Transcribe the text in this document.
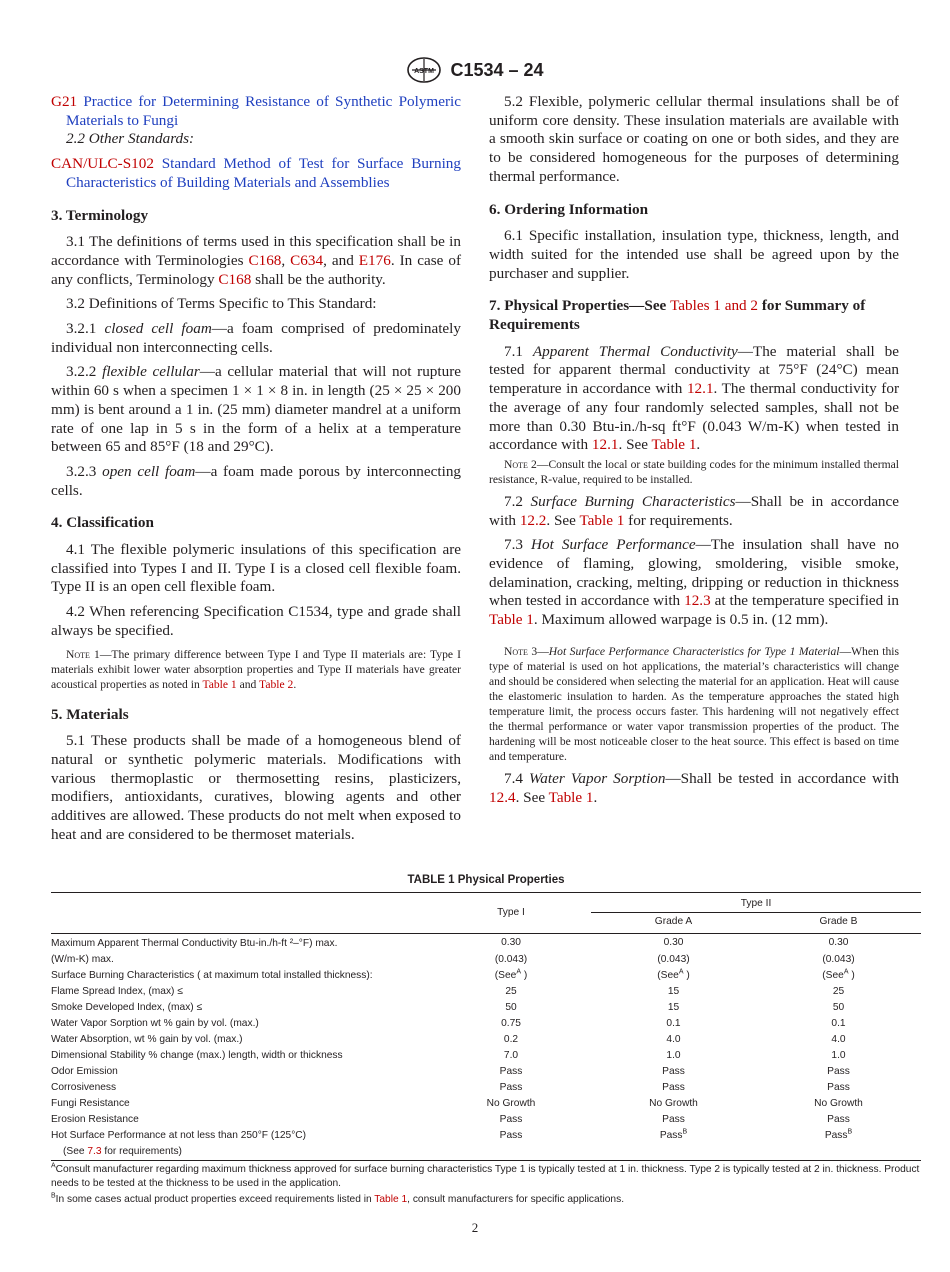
ASTM C1534 – 24

G21 Practice for Determining Resistance of Synthetic Polymeric Materials to Fungi

2.2 Other Standards:

CAN/ULC-S102 Standard Method of Test for Surface Burning Characteristics of Building Materials and Assemblies

3. Terminology

3.1 The definitions of terms used in this specification shall be in accordance with Terminologies C168, C634, and E176. In case of any conflicts, Terminology C168 shall be the authority.

3.2 Definitions of Terms Specific to This Standard:

3.2.1 closed cell foam—a foam comprised of predominately individual non interconnecting cells.

3.2.2 flexible cellular—a cellular material that will not rupture within 60 s when a specimen 1 × 1 × 8 in. in length (25 × 25 × 200 mm) is bent around a 1 in. (25 mm) diameter mandrel at a uniform rate of one lap in 5 s in the form of a helix at a temperature between 65 and 85°F (18 and 29°C).

3.2.3 open cell foam—a foam made porous by interconnecting cells.

4. Classification

4.1 The flexible polymeric insulations of this specification are classified into Types I and II. Type I is a closed cell flexible foam. Type II is an open cell flexible foam.

4.2 When referencing Specification C1534, type and grade shall always be specified.

Note 1—The primary difference between Type I and Type II materials are: Type I materials exhibit lower water absorption properties and Type II materials have greater acoustical properties as noted in Table 1 and Table 2.

5. Materials

5.1 These products shall be made of a homogeneous blend of natural or synthetic polymeric materials. Modifications with various thermoplastic or thermosetting resins, plasticizers, modifiers, antioxidants, curatives, blowing agents and other additives are allowed. These products do not melt when exposed to heat and are considered to be thermoset materials.

5.2 Flexible, polymeric cellular thermal insulations shall be of uniform core density. These insulation materials are available with a smooth skin surface or coating on one or both sides, and they are to be considered homogeneous for the purposes of determining thermal performance.

6. Ordering Information

6.1 Specific installation, insulation type, thickness, length, and width suited for the intended use shall be agreed upon by the purchaser and supplier.

7. Physical Properties—See Tables 1 and 2 for Summary of Requirements

7.1 Apparent Thermal Conductivity—The material shall be tested for apparent thermal conductivity at 75°F (24°C) mean temperature in accordance with 12.1. The thermal conductivity for the average of any four randomly selected samples, shall not be more than 0.30 Btu-in./h-sq ft°F (0.043 W/m-K) when tested in accordance with 12.1. See Table 1.

Note 2—Consult the local or state building codes for the minimum installed thermal resistance, R-value, required to be installed.

7.2 Surface Burning Characteristics—Shall be in accordance with 12.2. See Table 1 for requirements.

7.3 Hot Surface Performance—The insulation shall have no evidence of flaming, glowing, smoldering, visible smoke, delamination, cracking, melting, dripping or reduction in thickness when tested in accordance with 12.3 at the temperature specified in Table 1. Maximum allowed warpage is 0.5 in. (12 mm).

Note 3—Hot Surface Performance Characteristics for Type 1 Material—When this type of material is used on hot applications, the material’s characteristics will change and should be considered when selecting the material for an application. Heat will cause the elastomeric insulation to harden. As the temperature approaches the stated high temperature limit, the process occurs faster. This hardening will not negatively effect the thermal performance or water vapor transmission properties of the product. The hardening will be most noticeable closer to the heat source. This effect is based on time and temperature.

7.4 Water Vapor Sorption—Shall be tested in accordance with 12.4. See Table 1.

TABLE 1 Physical Properties
	Type I	Type II	
		Grade A	Grade B
Maximum Apparent Thermal Conductivity Btu-in./h-ft ²–°F) max.	0.30	0.30	0.30
(W/m-K) max.	(0.043)	(0.043)	(0.043)
Surface Burning Characteristics ( at maximum total installed thickness):	(See$^A$ )	(See$^A$ )	(See$^A$ )
Flame Spread Index, (max) ≤	25	15	25
Smoke Developed Index, (max) ≤	50	15	50
Water Vapor Sorption wt % gain by vol. (max.)	0.75	0.1	0.1
Water Absorption, wt % gain by vol. (max.)	0.2	4.0	4.0
Dimensional Stability % change (max.) length, width or thickness	7.0	1.0	1.0
Odor Emission	Pass	Pass	Pass
Corrosiveness	Pass	Pass	Pass
Fungi Resistance	No Growth	No Growth	No Growth
Erosion Resistance	Pass	Pass	Pass
Hot Surface Performance at not less than 250°F (125°C)	Pass	Pass$^B$	Pass$^B$
(See 7.3 for requirements)			
$^A$Consult manufacturer regarding maximum thickness approved for surface burning characteristics Type 1 is typically tested at 1 in. thickness. Type 2 is typically tested at 2 in. thickness. Product needs to be tested at the thickness to be used in the application.
$^B$In some cases actual product properties exceed requirements listed in Table 1, consult manufacturers for specific applications.
2
